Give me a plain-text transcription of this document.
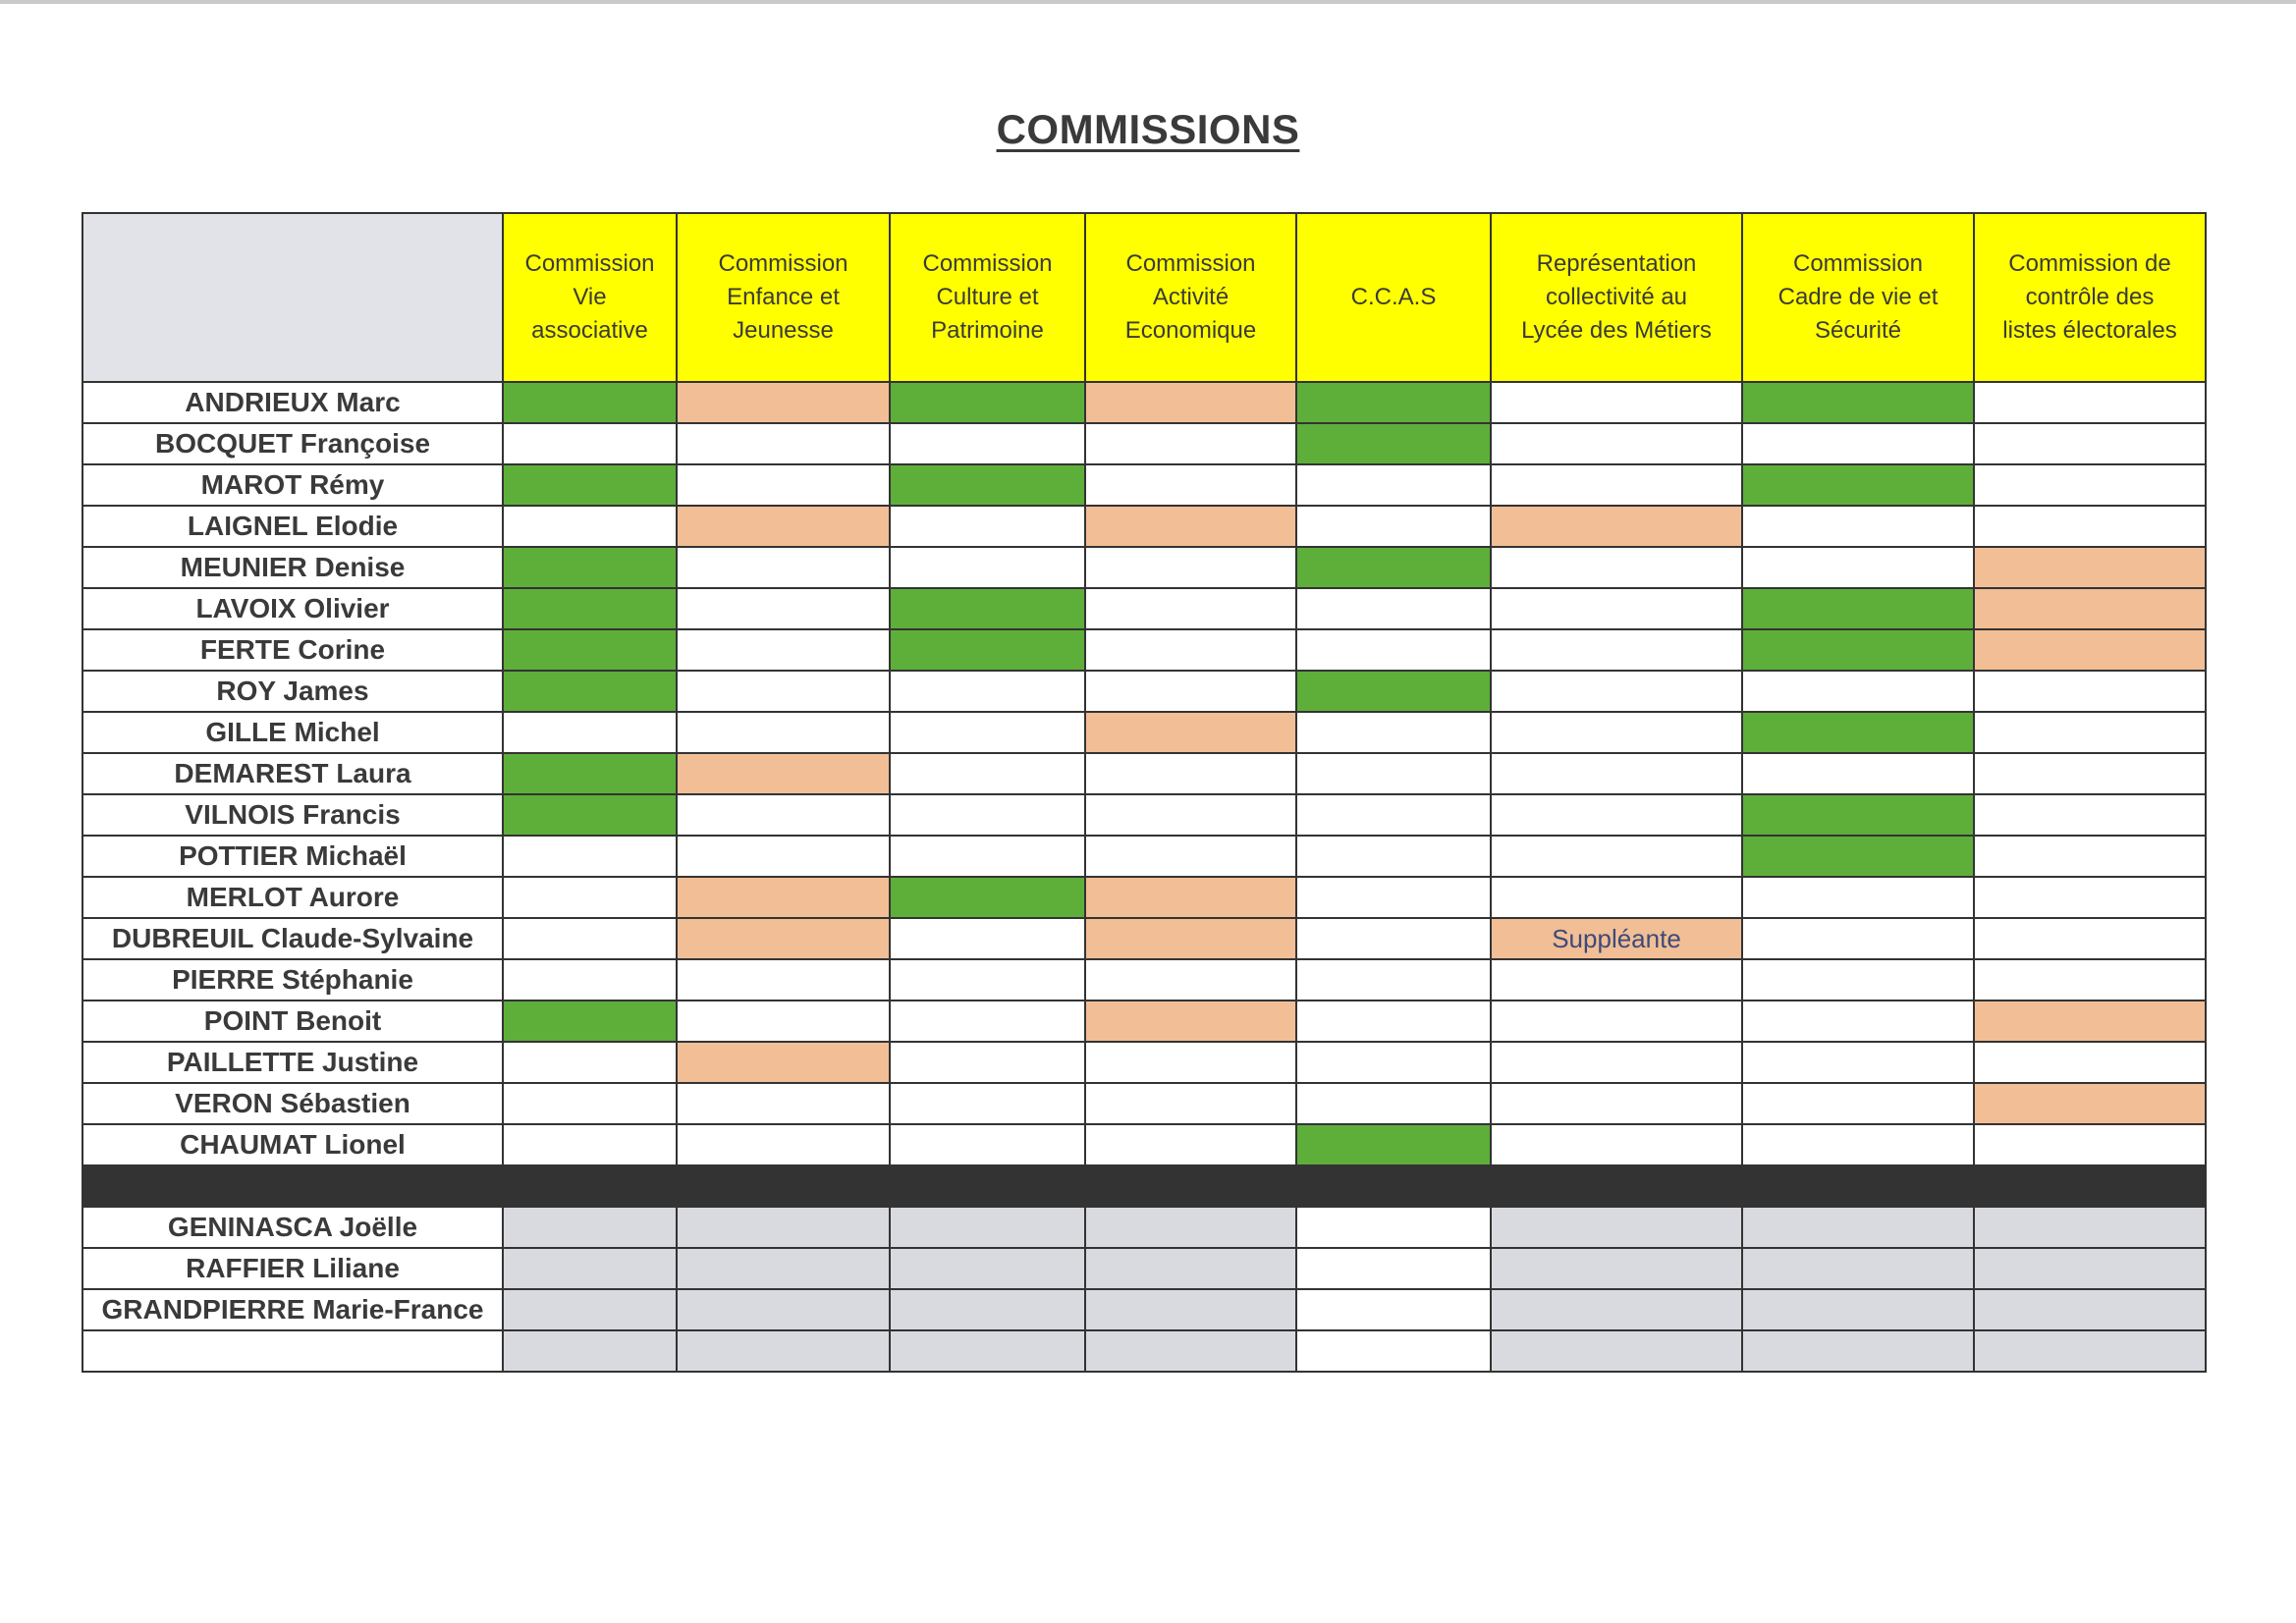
COMMISSIONS
	Commission
Vie
associative	Commission
Enfance et
Jeunesse	Commission
Culture et
Patrimoine	Commission
Activité
Economique	C.C.A.S	Représentation
collectivité au
Lycée des Métiers	Commission
Cadre de vie et
Sécurité	Commission de
contrôle des
listes électorales
ANDRIEUX Marc								
BOCQUET Françoise								
MAROT Rémy								
LAIGNEL Elodie								
MEUNIER Denise								
LAVOIX Olivier								
FERTE Corine								
ROY James								
GILLE Michel								
DEMAREST Laura								
VILNOIS Francis								
POTTIER Michaël								
MERLOT Aurore								
DUBREUIL Claude-Sylvaine						Suppléante		
PIERRE Stéphanie								
POINT Benoit								
PAILLETTE Justine								
VERON Sébastien								
CHAUMAT Lionel								

GENINASCA Joëlle								
RAFFIER Liliane								
GRANDPIERRE Marie-France								
